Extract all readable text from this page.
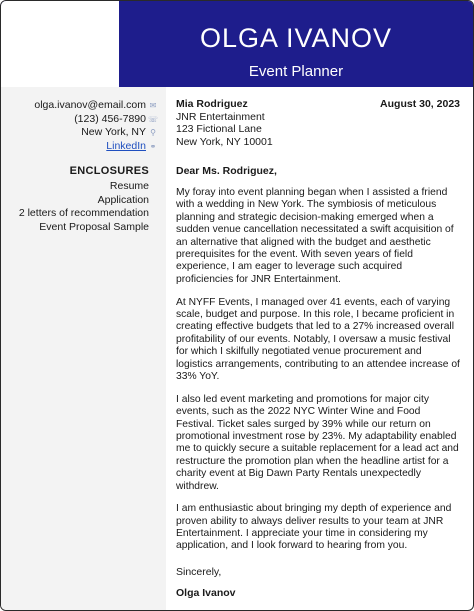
OLGA IVANOV
Event Planner
olga.ivanov@email.com ✉
(123) 456-7890 ☏
New York, NY ⚲
LinkedIn ⚭
ENCLOSURES
Resume
Application
2 letters of recommendation
Event Proposal Sample
Mia Rodriguez
JNR Entertainment
123 Fictional Lane
New York, NY 10001
August 30, 2023
Dear Ms. Rodriguez,

My foray into event planning began when I assisted a friend with a wedding in New York. The symbiosis of meticulous planning and strategic decision-making emerged when a sudden venue cancellation necessitated a swift acquisition of an alternative that aligned with the budget and aesthetic prerequisites for the event. With seven years of field experience, I am eager to leverage such acquired proficiencies for JNR Entertainment.

At NYFF Events, I managed over 41 events, each of varying scale, budget and purpose. In this role, I became proficient in creating effective budgets that led to a 27% increased overall profitability of our events. Notably, I oversaw a music festival for which I skilfully negotiated venue procurement and logistics arrangements, contributing to an attendee increase of 33% YoY.

I also led event marketing and promotions for major city events, such as the 2022 NYC Winter Wine and Food Festival. Ticket sales surged by 39% while our return on promotional investment rose by 23%. My adaptability enabled me to quickly secure a suitable replacement for a lead act and restructure the promotion plan when the headline artist for a charity event at Big Dawn Party Rentals unexpectedly withdrew.

I am enthusiastic about bringing my depth of experience and proven ability to always deliver results to your team at JNR Entertainment. I appreciate your time in considering my application, and I look forward to hearing from you.

Sincerely,
Olga Ivanov
